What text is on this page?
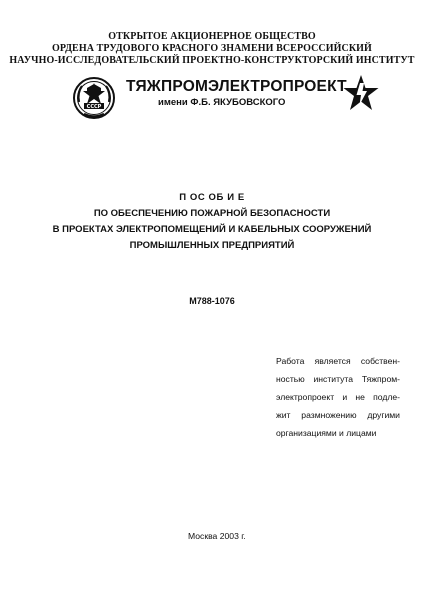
ОТКРЫТОЕ АКЦИОНЕРНОЕ ОБЩЕСТВО
ОРДЕНА ТРУДОВОГО КРАСНОГО ЗНАМЕНИ ВСЕРОССИЙСКИЙ
НАУЧНО-ИССЛЕДОВАТЕЛЬСКИЙ ПРОЕКТНО-КОНСТРУКТОРСКИЙ ИНСТИТУТ
СССР
ТЯЖПРОМЭЛЕКТРОПРОЕКТ
имени Ф.Б. ЯКУБОВСКОГО
П ОС ОБ И Е
ПО ОБЕСПЕЧЕНИЮ ПОЖАРНОЙ БЕЗОПАСНОСТИ
В ПРОЕКТАХ ЭЛЕКТРОПОМЕЩЕНИЙ И КАБЕЛЬНЫХ СООРУЖЕНИЙ
ПРОМЫШЛЕННЫХ ПРЕДПРИЯТИЙ
М788-1076
Работа является собствен-
ностью института Тяжпром-
электропроект и не подле-
жит размножению другими
организациями и лицами
Москва 2003 г.
